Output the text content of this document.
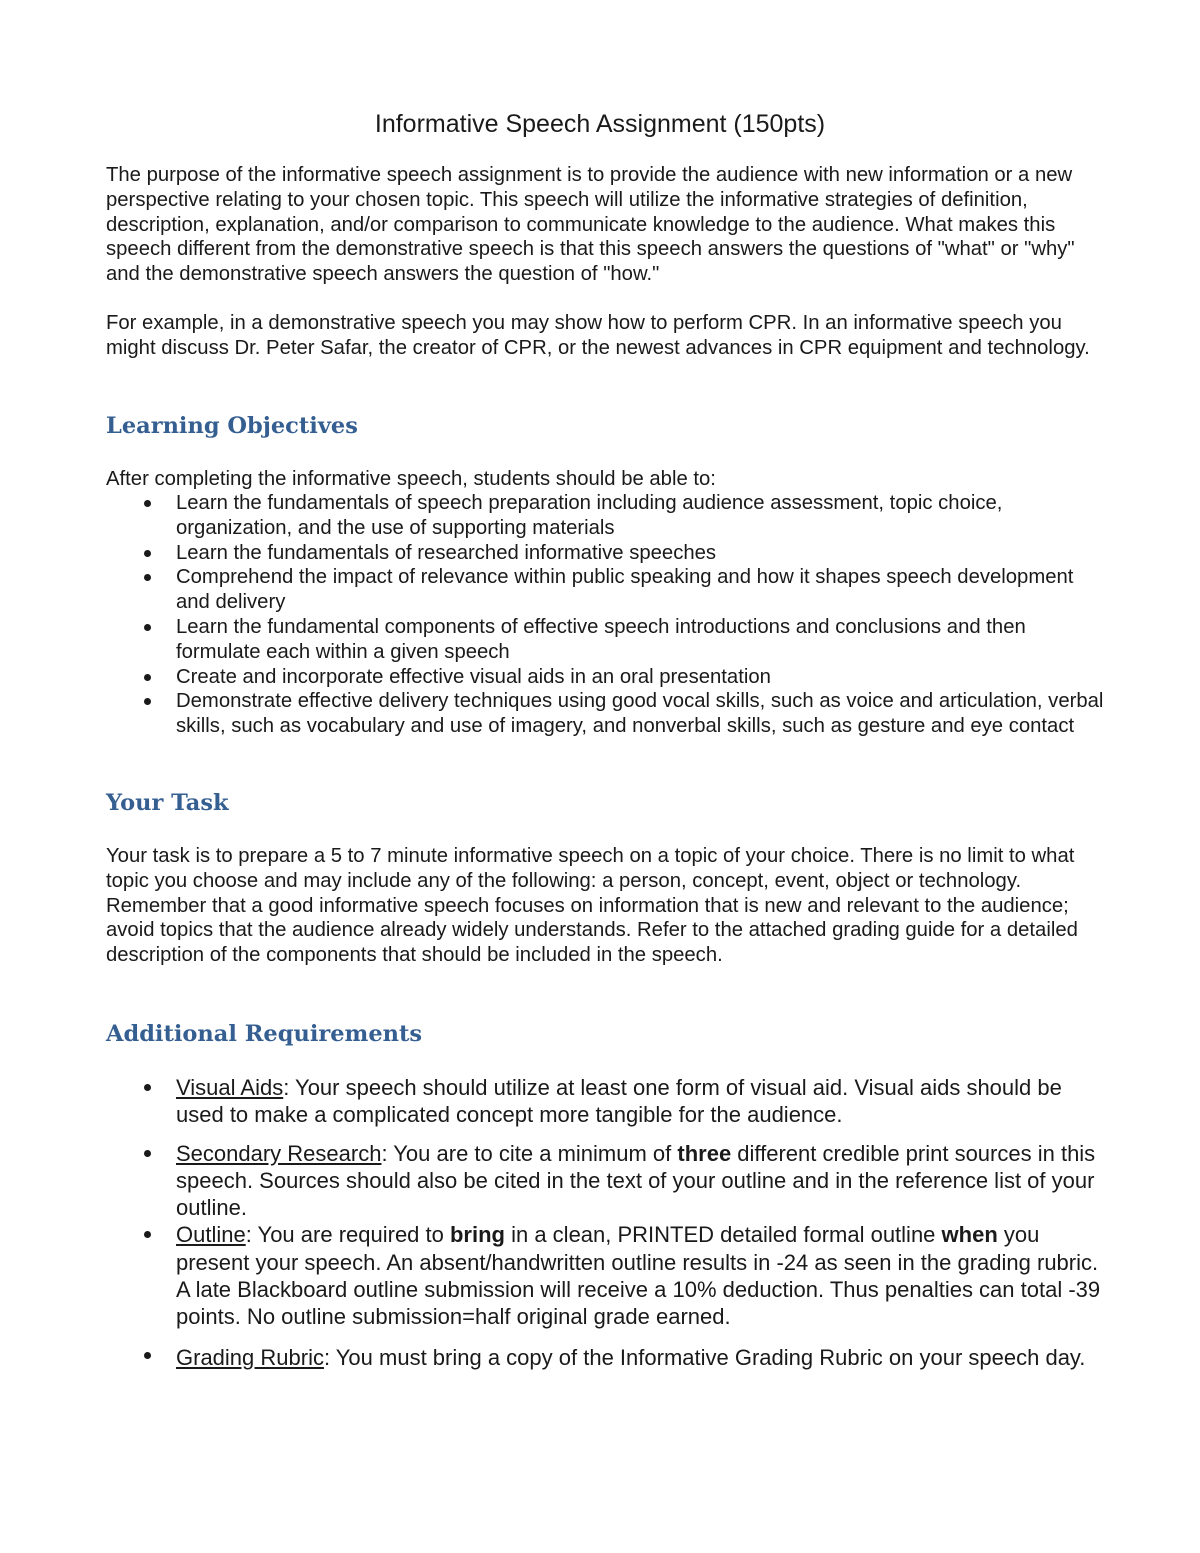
Informative Speech Assignment (150pts)

The purpose of the informative speech assignment is to provide the audience with new information or a new perspective relating to your chosen topic. This speech will utilize the informative strategies of definition, description, explanation, and/or comparison to communicate knowledge to the audience. What makes this speech different from the demonstrative speech is that this speech answers the questions of "what" or "why" and the demonstrative speech answers the question of "how."

For example, in a demonstrative speech you may show how to perform CPR. In an informative speech you might discuss Dr. Peter Safar, the creator of CPR, or the newest advances in CPR equipment and technology.

Learning Objectives

After completing the informative speech, students should be able to:

Learn the fundamentals of speech preparation including audience assessment, topic choice, organization, and the use of supporting materials
Learn the fundamentals of researched informative speeches
Comprehend the impact of relevance within public speaking and how it shapes speech development and delivery
Learn the fundamental components of effective speech introductions and conclusions and then formulate each within a given speech
Create and incorporate effective visual aids in an oral presentation
Demonstrate effective delivery techniques using good vocal skills, such as voice and articulation, verbal skills, such as vocabulary and use of imagery, and nonverbal skills, such as gesture and eye contact
Your Task

Your task is to prepare a 5 to 7 minute informative speech on a topic of your choice. There is no limit to what topic you choose and may include any of the following: a person, concept, event, object or technology. Remember that a good informative speech focuses on information that is new and relevant to the audience; avoid topics that the audience already widely understands. Refer to the attached grading guide for a detailed description of the components that should be included in the speech.

Additional Requirements
Visual Aids: Your speech should utilize at least one form of visual aid. Visual aids should be used to make a complicated concept more tangible for the audience.
Secondary Research: You are to cite a minimum of three different credible print sources in this speech. Sources should also be cited in the text of your outline and in the reference list of your outline.
Outline: You are required to bring in a clean, PRINTED detailed formal outline when you present your speech. An absent/handwritten outline results in -24 as seen in the grading rubric. A late Blackboard outline submission will receive a 10% deduction. Thus penalties can total -39 points. No outline submission=half original grade earned.
Grading Rubric: You must bring a copy of the Informative Grading Rubric on your speech day.
